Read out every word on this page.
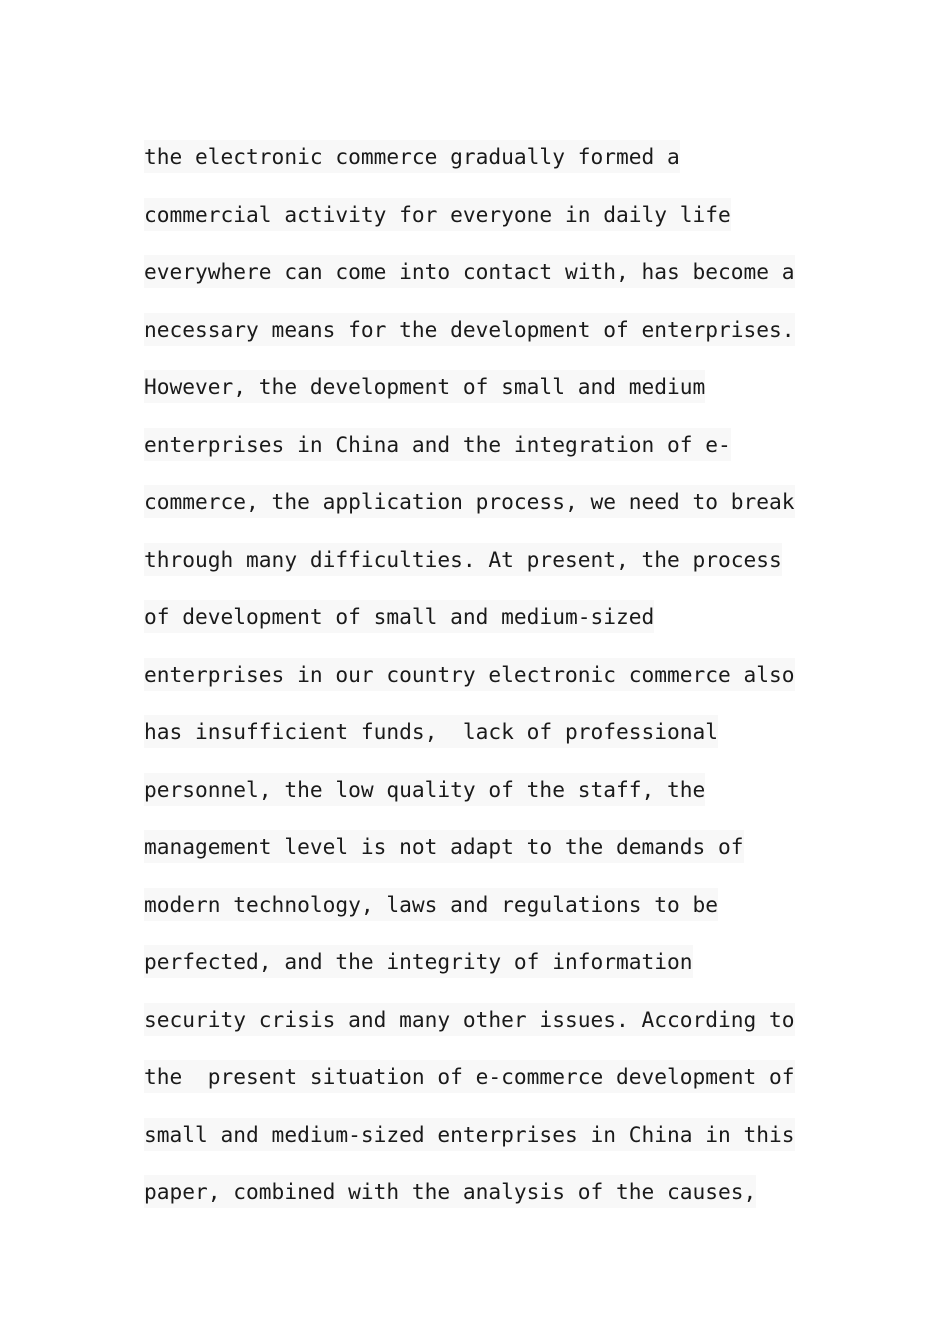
the electronic commerce gradually formed a

commercial activity for everyone in daily life

everywhere can come into contact with, has become a

necessary means for the development of enterprises.

However, the development of small and medium

enterprises in China and the integration of e-

commerce, the application process, we need to break

through many difficulties. At present, the process

of development of small and medium-sized

enterprises in our country electronic commerce also

has insufficient funds,  lack of professional

personnel, the low quality of the staff, the

management level is not adapt to the demands of

modern technology, laws and regulations to be

perfected, and the integrity of information

security crisis and many other issues. According to

the  present situation of e-commerce development of

small and medium-sized enterprises in China in this

paper, combined with the analysis of the causes,
